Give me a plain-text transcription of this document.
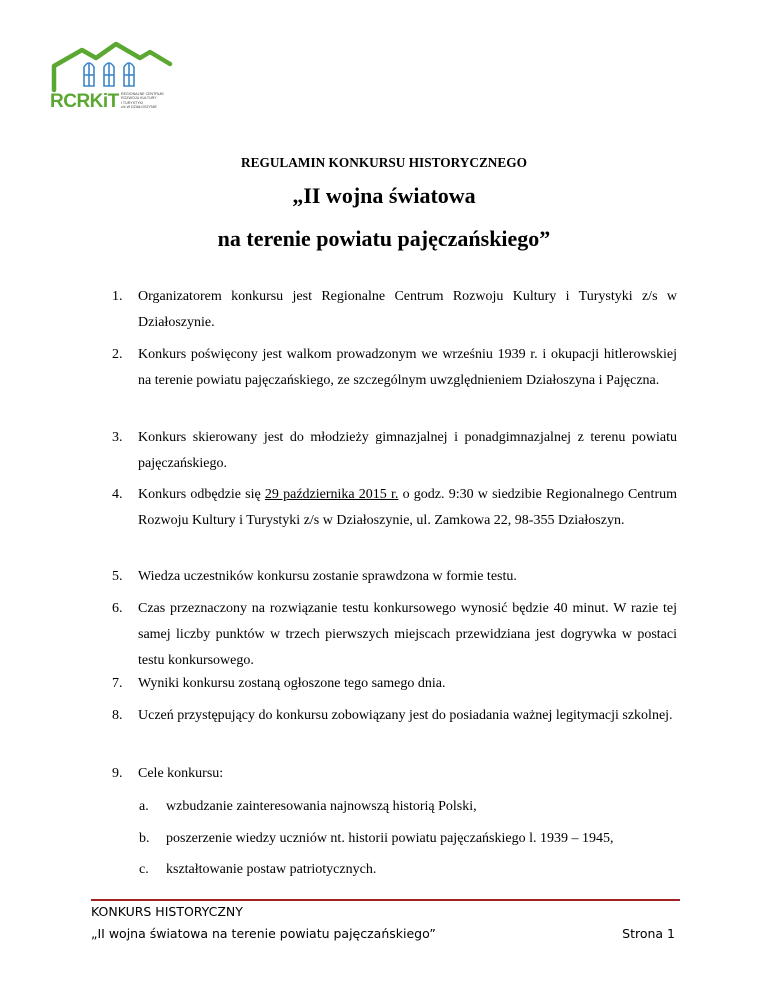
RCRKiT REGIONALNE CENTRUM
ROZWOJU KULTURY
I TURYSTYKI
z/s W DZIAŁOSZYNIE
REGULAMIN KONKURSU HISTORYCZNEGO
„II wojna światowa
na terenie powiatu pajęczańskiego”
1. Organizatorem konkursu jest Regionalne Centrum Rozwoju Kultury i Turystyki z/s w Działoszynie.
2. Konkurs poświęcony jest walkom prowadzonym we wrześniu 1939 r. i okupacji hitlerowskiej na terenie powiatu pajęczańskiego, ze szczególnym uwzględnieniem Działoszyna i Pajęczna.
3. Konkurs skierowany jest do młodzieży gimnazjalnej i ponadgimnazjalnej z terenu powiatu pajęczańskiego.
4. Konkurs odbędzie się 29 października 2015 r. o godz. 9:30 w siedzibie Regionalnego Centrum Rozwoju Kultury i Turystyki z/s w Działoszynie, ul. Zamkowa 22, 98-355 Działoszyn.
5. Wiedza uczestników konkursu zostanie sprawdzona w formie testu.
6. Czas przeznaczony na rozwiązanie testu konkursowego wynosić będzie 40 minut. W razie tej samej liczby punktów w trzech pierwszych miejscach przewidziana jest dogrywka w postaci testu konkursowego.
7. Wyniki konkursu zostaną ogłoszone tego samego dnia.
8. Uczeń przystępujący do konkursu zobowiązany jest do posiadania ważnej legitymacji szkolnej.
9. Cele konkursu:
a. wzbudzanie zainteresowania najnowszą historią Polski,
b. poszerzenie wiedzy uczniów nt. historii powiatu pajęczańskiego l. 1939 – 1945,
c. kształtowanie postaw patriotycznych.
KONKURS HISTORYCZNY
„II wojna światowa na terenie powiatu pajęczańskiego”	Strona 1
